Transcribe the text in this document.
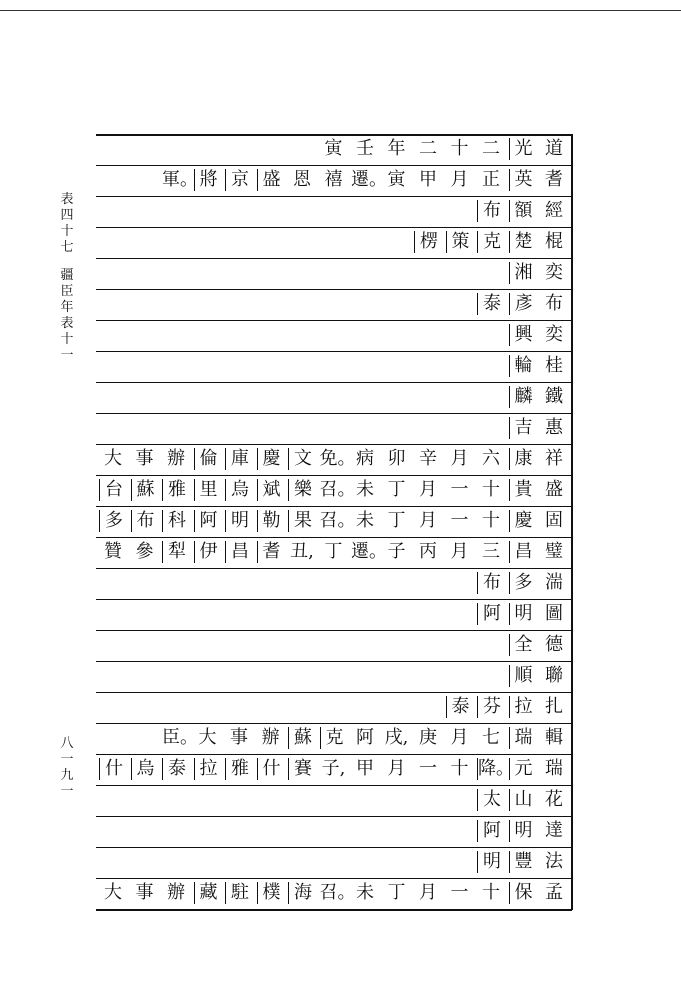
表
四
十
七
疆
臣
年
表
十
一
八
一
九
一
道
光
二
十
二
年
壬
寅
耆
英
正
月
甲
寅
遷。
禧
恩
盛
京
將
軍。
經
額
布
棍
楚
克
策
楞
奕
湘
布
彥
泰
奕
興
桂
輪
鐵
麟
惠
吉
祥
康
六
月
辛
卯
病
免。
文
慶
庫
倫
辦
事
大
盛
貴
十
一
月
丁
未
召。
樂
斌
烏
里
雅
蘇
台
固
慶
十
一
月
丁
未
召。
果
勒
明
阿
科
布
多
璧
昌
三
月
丙
子
遷。
丁
丑,
耆
昌
伊
犁
參
贊
湍
多
布
圖
明
阿
德
全
聯
順
扎
拉
芬
泰
輯
瑞
七
月
庚
戌,
阿
克
蘇
辦
事
大
臣。
瑞
元
降。
十
一
月
甲
子,
賽
什
雅
拉
泰
烏
什
花
山
太
達
明
阿
法
豐
明
孟
保
十
一
月
丁
未
召。
海
樸
駐
藏
辦
事
大
